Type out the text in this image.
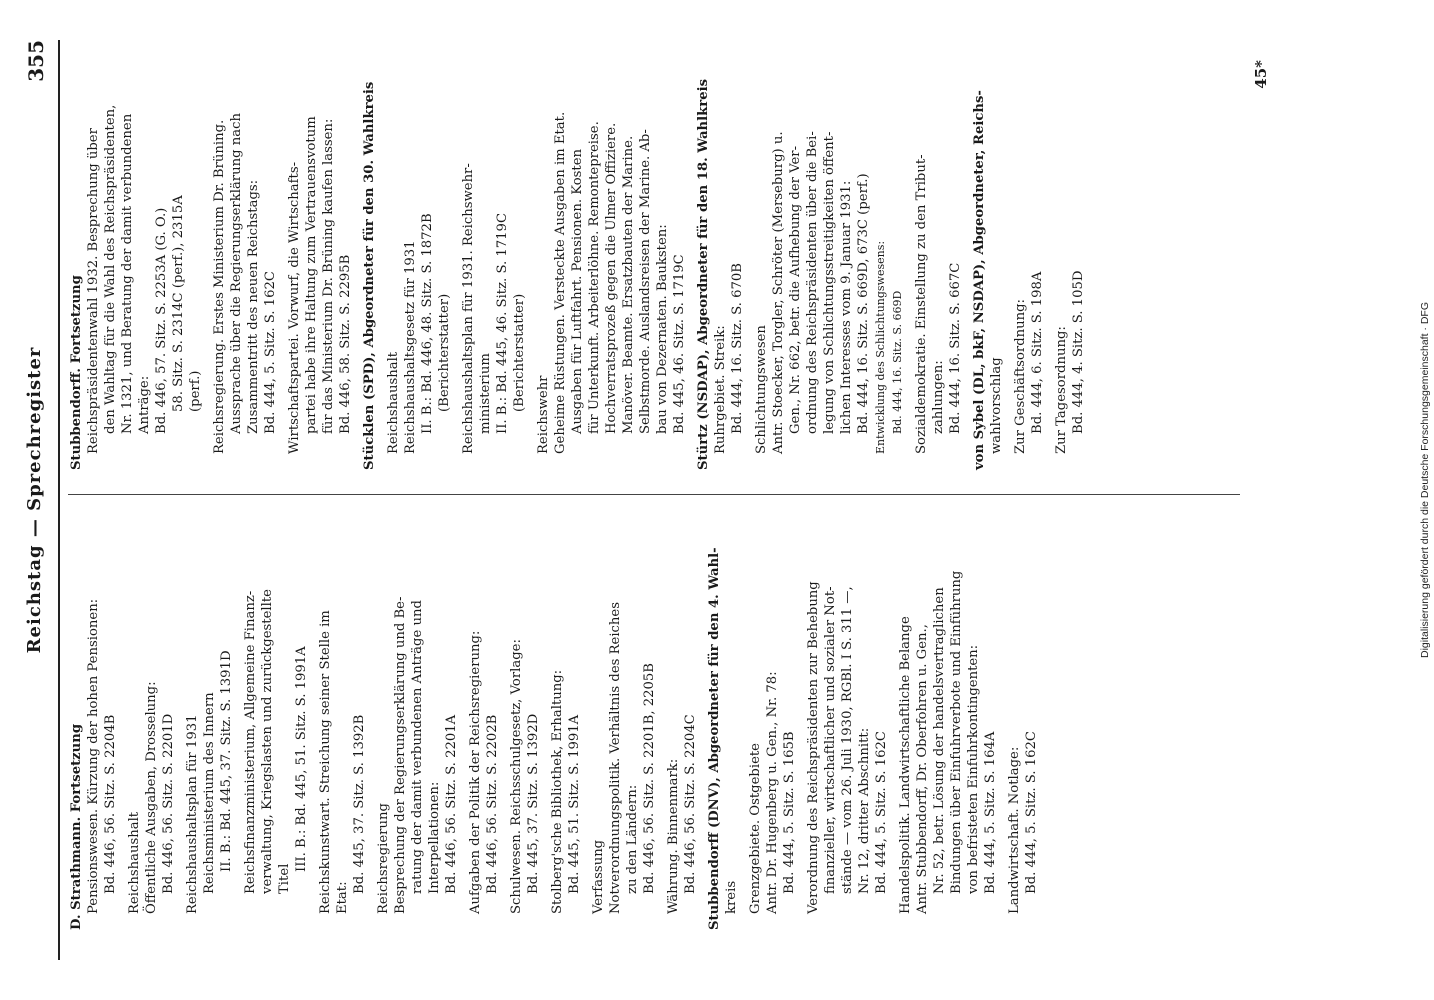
Reichstag — Sprechregister
355

D. Strathmann. Fortsetzung Pensionswesen. Kürzung der hohen Pensionen: Bd. 446, 56. Sitz. S. 2204B Reichshaushalt Öffentliche Ausgaben, Drosselung: Bd. 446, 56. Sitz. S. 2201D Reichshaushaltsplan für 1931 Reichsministerium des Innern II. B.: Bd. 445, 37. Sitz. S. 1391D Reichsfinanzministerium, Allgemeine Finanz- verwaltung, Kriegslasten und zurückgestellte Titel

III. B.: Bd. 445, 51. Sitz. S. 1991A Reichskunstwart. Streichung seiner Stelle im Etat:

Bd. 445, 37. Sitz. S. 1392B Reichsregierung Besprechung der Regierungserklärung und Be- ratung der damit verbundenen Anträge und Interpellationen: Bd. 446, 56. Sitz. S. 2201A Aufgaben der Politik der Reichsregierung: Bd. 446, 56. Sitz. S. 2202B Schulwesen. Reichsschulgesetz, Vorlage: Bd. 445, 37. Sitz. S. 1392D Stolberg'sche Bibliothek, Erhaltung: Bd. 445, 51. Sitz. S. 1991A Verfassung Notverordnungspolitik. Verhältnis des Reiches zu den Ländern: Bd. 446, 56. Sitz. S. 2201B, 2205B Währung. Binnenmark: Bd. 446, 56. Sitz. S. 2204C Stubbendorff (DNV), Abgeordneter für den 4. Wahl- kreis Grenzgebiete. Ostgebiete Antr. Dr. Hugenberg u. Gen., Nr. 78: Bd. 444, 5. Sitz. S. 165B Verordnung des Reichspräsidenten zur Behebung finanzieller, wirtschaftlicher und sozialer Not- stände — vom 26. Juli 1930, RGBl. I S. 311 —, Nr. 12, dritter Abschnitt: Bd. 444, 5. Sitz. S. 162C Handelspolitik. Landwirtschaftliche Belange Antr. Stubbendorff, Dr. Oberfohren u. Gen., Nr. 52, betr. Lösung der handelsvertraglichen Bindungen über Einfuhrverbote und Einführung von befristeten Einfuhrkontingenten: Bd. 444, 5. Sitz. S. 164A Landwirtschaft. Notlage: Bd. 444, 5. Sitz. S. 162C

Stubbendorff. Fortsetzung Reichspräsidentenwahl 1932. Besprechung über den Wahltag für die Wahl des Reichspräsidenten, Nr. 1321, und Beratung der damit verbundenen Anträge: Bd. 446, 57. Sitz. S. 2253A (G. O.) 58. Sitz. S. 2314C (perf.), 2315A (perf.) Reichsregierung. Erstes Ministerium Dr. Brüning. Aussprache über die Regierungserklärung nach Zusammentritt des neuen Reichstags: Bd. 444, 5. Sitz. S. 162C Wirtschaftspartei. Vorwurf, die Wirtschafts- partei habe ihre Haltung zum Vertrauensvotum für das Ministerium Dr. Brüning kaufen lassen: Bd. 446, 58. Sitz. S. 2295B Stücklen (SPD), Abgeordneter für den 30. Wahlkreis Reichshaushalt Reichshaushaltsgesetz für 1931 II. B.: Bd. 446, 48. Sitz. S. 1872B (Berichterstatter) Reichshaushaltsplan für 1931. Reichswehr- ministerium II. B.: Bd. 445, 46. Sitz. S. 1719C (Berichterstatter)

Reichswehr Geheime Rüstungen. Versteckte Ausgaben im Etat. Ausgaben für Luftfahrt. Pensionen. Kosten für Unterkunft. Arbeiterlöhne. Remontepreise. Hochverratsprozeß gegen die Ulmer Offiziere. Manöver. Beamte. Ersatzbauten der Marine. Selbstmorde. Auslandsreisen der Marine. Ab- bau von Dezernaten. Bauksten: Bd. 445, 46. Sitz. S. 1719C Stürtz (NSDAP), Abgeordneter für den 18. Wahlkreis Ruhrgebiet. Streik: Bd. 444, 16. Sitz. S. 670B Schlichtungswesen Antr. Stoecker, Torgler, Schröter (Merseburg) u. Gen., Nr. 662, betr. die Aufhebung der Ver- ordnung des Reichspräsidenten über die Bei- legung von Schlichtungsstreitigkeiten öffent- lichen Interesses vom 9. Januar 1931: Bd. 444, 16. Sitz. S. 669D, 673C (perf.) Entwicklung des Schlichtungswesens: Bd. 444, 16. Sitz. S. 669D Sozialdemokratie. Einstellung zu den Tribut- zahlungen: Bd. 444, 16. Sitz. S. 667C von Sybel (DL, bkF, NSDAP), Abgeordneter, Reichs- wahlvorschlag Zur Geschäftsordnung: Bd. 444, 6. Sitz. S. 198A Zur Tagesordnung: Bd. 444, 4. Sitz. S. 105D

45*
Digitalisierung gefördert durch die Deutsche Forschungsgemeinschaft · DFG
